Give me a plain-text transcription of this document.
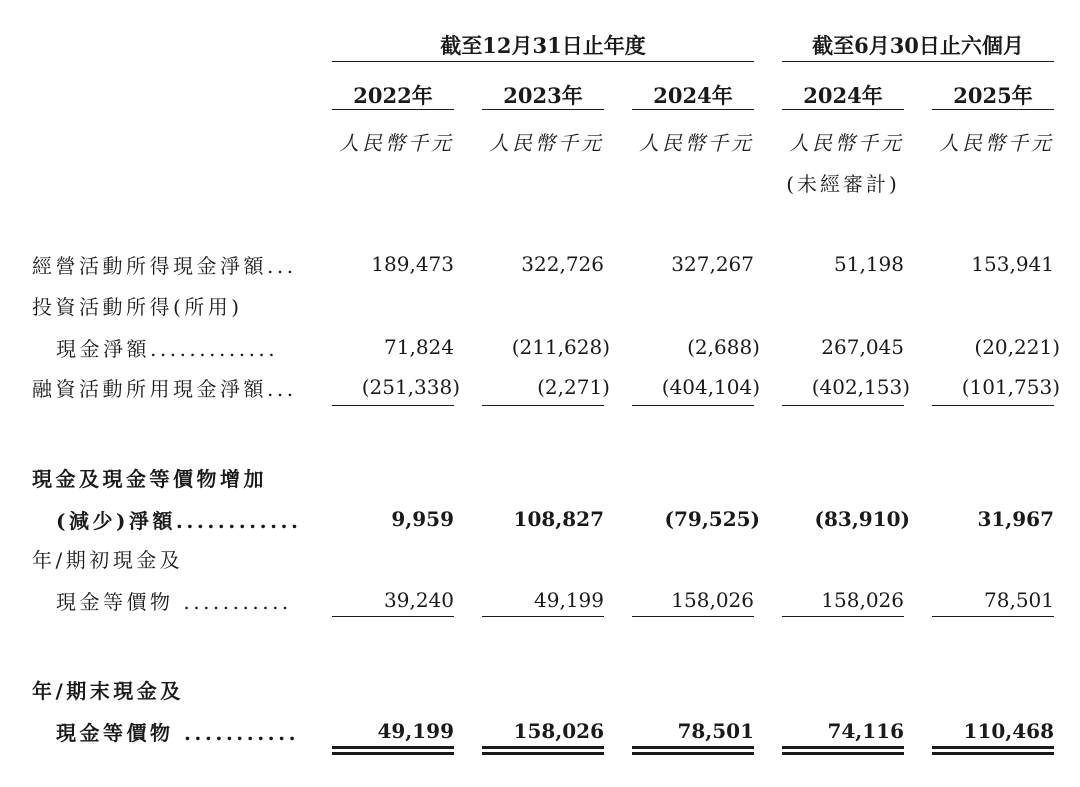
截至12月31日止年度	截至6月30日止六個月
2022年	2023年	2024年	2024年	2025年
人民幣千元	人民幣千元	人民幣千元	人民幣千元	人民幣千元
(未經審計)
經營活動所得現金淨額...	189,473	322,726	327,267	51,198	153,941
投資活動所得(所用)
現金淨額.............	71,824	(211,628)	(2,688)	267,045	(20,221)
融資活動所用現金淨額...	(251,338)	(2,271)	(404,104)	(402,153)	(101,753)
現金及現金等價物增加
(減少)淨額............	9,959	108,827	(79,525)	(83,910)	31,967
年/期初現金及
現金等價物 ...........	39,240	49,199	158,026	158,026	78,501
年/期末現金及
現金等價物 ...........	49,199	158,026	78,501	74,116	110,468
